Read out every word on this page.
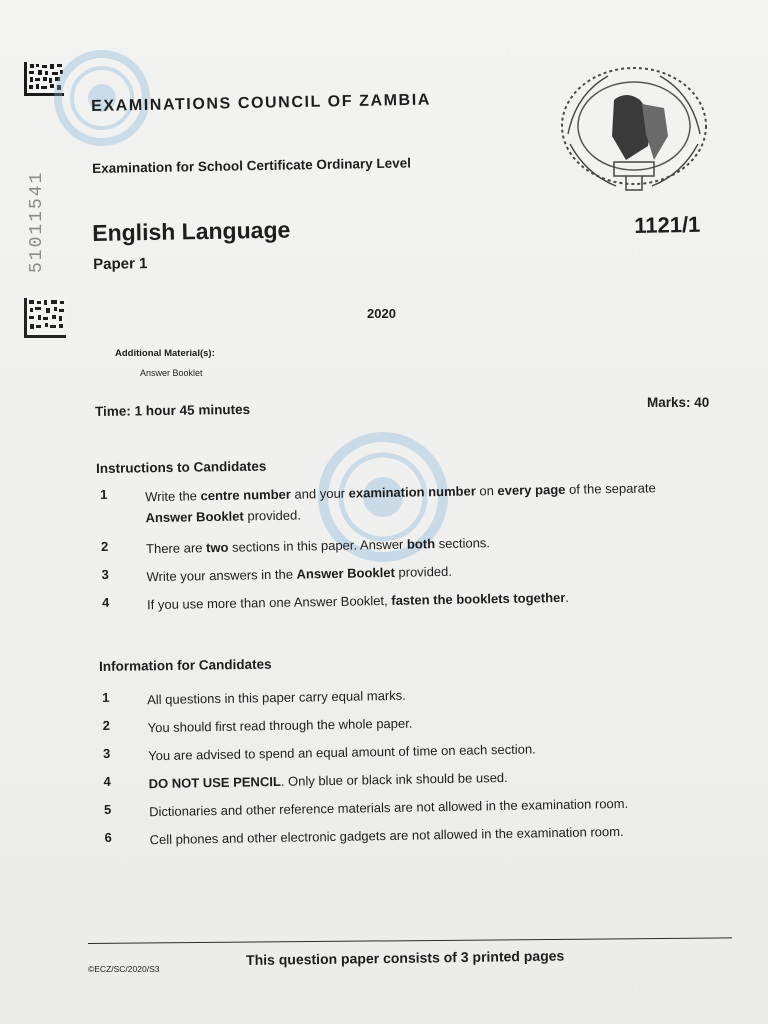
51011541
EXAMINATIONS COUNCIL OF ZAMBIA
Examination for School Certificate Ordinary Level
English Language
Paper 1
1121/1
2020
Additional Material(s):
Answer Booklet
Time: 1 hour 45 minutes	Marks: 40
Instructions to Candidates
1	Write the centre number and your examination number on every page of the separate Answer Booklet provided.
2	There are two sections in this paper. Answer both sections.
3	Write your answers in the Answer Booklet provided.
4	If you use more than one Answer Booklet, fasten the booklets together.
Information for Candidates
1	All questions in this paper carry equal marks.
2	You should first read through the whole paper.
3	You are advised to spend an equal amount of time on each section.
4	DO NOT USE PENCIL. Only blue or black ink should be used.
5	Dictionaries and other reference materials are not allowed in the examination room.
6	Cell phones and other electronic gadgets are not allowed in the examination room.
©ECZ/SC/2020/S3
This question paper consists of 3 printed pages
